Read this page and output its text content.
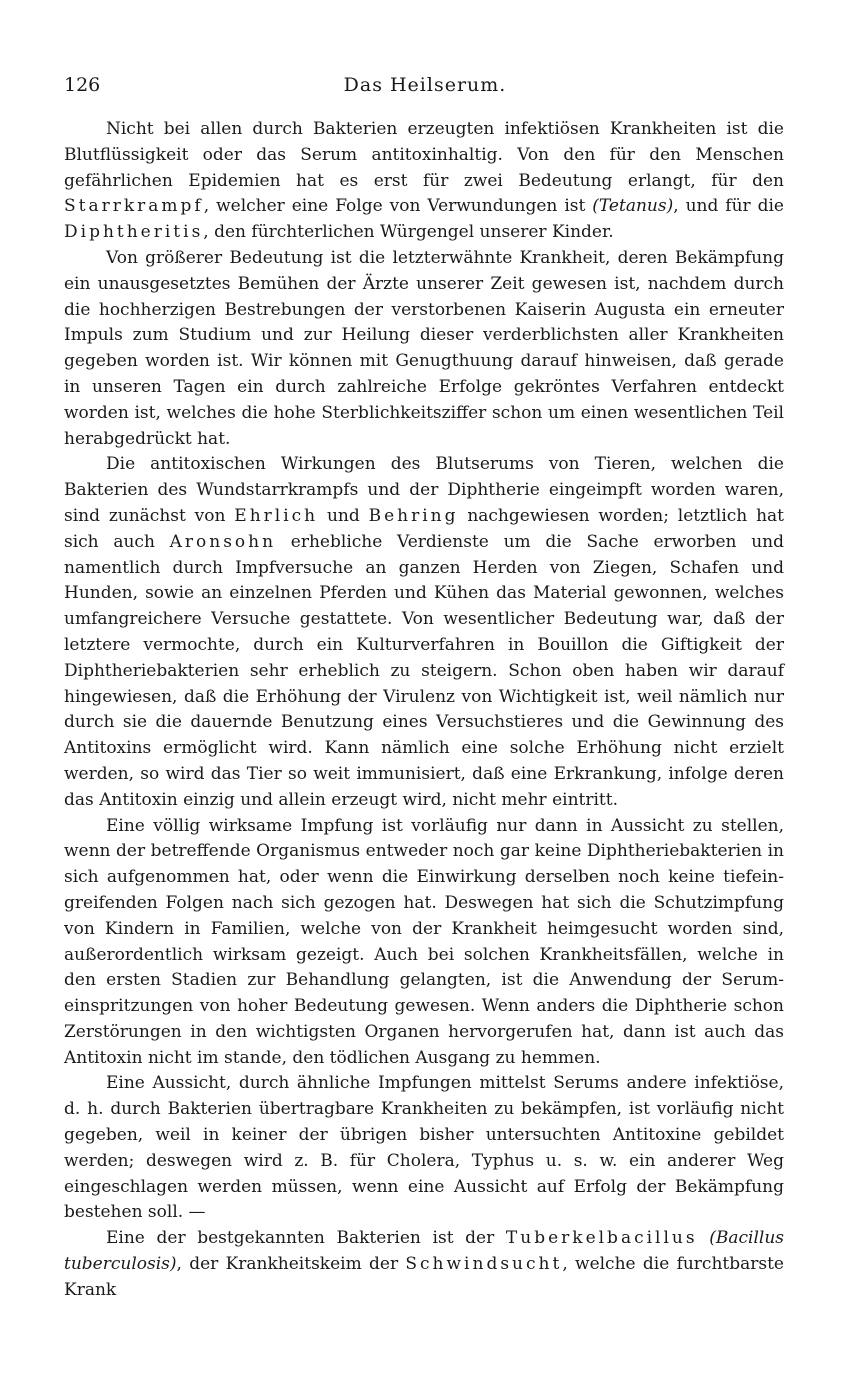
126	Das Heilserum.

Nicht bei allen durch Bakterien erzeugten infektiösen Krankheiten ist die Blutflüssigkeit oder das Serum antitoxinhaltig. Von den für den Menschen gefährlichen Epidemien hat es erst für zwei Bedeutung erlangt, für den Starrkrampf, welcher eine Folge von Verwundungen ist (Tetanus), und für die Diphtheritis, den fürchterlichen Würgengel unserer Kinder.

Von größerer Bedeutung ist die letzterwähnte Krankheit, deren Bekämpfung ein unausgesetztes Bemühen der Ärzte unserer Zeit gewesen ist, nachdem durch die hochherzigen Bestrebungen der verstorbenen Kaiserin Augusta ein erneuter Impuls zum Studium und zur Heilung dieser verderblichsten aller Krankheiten gegeben worden ist. Wir können mit Genugthuung darauf hinweisen, daß gerade in unseren Tagen ein durch zahlreiche Erfolge gekröntes Verfahren entdeckt worden ist, welches die hohe Sterblichkeitsziffer schon um einen wesentlichen Teil herabgedrückt hat.

Die antitoxischen Wirkungen des Blutserums von Tieren, welchen die Bakterien des Wundstarrkrampfs und der Diphtherie eingeimpft worden waren, sind zunächst von Ehrlich und Behring nachgewiesen worden; letztlich hat sich auch Aronsohn erhebliche Verdienste um die Sache erworben und namentlich durch Impfversuche an ganzen Herden von Ziegen, Schafen und Hunden, sowie an einzelnen Pferden und Kühen das Material gewonnen, welches umfangreichere Versuche gestattete. Von wesentlicher Bedeutung war, daß der letztere vermochte, durch ein Kulturverfahren in Bouillon die Giftigkeit der Diphtheriebakterien sehr erheblich zu steigern. Schon oben haben wir darauf hingewiesen, daß die Erhöhung der Virulenz von Wichtigkeit ist, weil nämlich nur durch sie die dauernde Benutzung eines Versuchstieres und die Gewinnung des Antitoxins ermöglicht wird. Kann nämlich eine solche Erhöhung nicht erzielt werden, so wird das Tier so weit immunisiert, daß eine Erkrankung, infolge deren das Antitoxin einzig und allein erzeugt wird, nicht mehr eintritt.

Eine völlig wirksame Impfung ist vorläufig nur dann in Aussicht zu stellen, wenn der betreffende Organismus entweder noch gar keine Diphtheriebakterien in sich aufgenommen hat, oder wenn die Einwirkung derselben noch keine tiefeingreifenden Folgen nach sich gezogen hat. Deswegen hat sich die Schutzimpfung von Kindern in Familien, welche von der Krankheit heimgesucht worden sind, außerordentlich wirksam gezeigt. Auch bei solchen Krankheitsfällen, welche in den ersten Stadien zur Behandlung gelangten, ist die Anwendung der Serumeinspritzungen von hoher Bedeutung gewesen. Wenn anders die Diphtherie schon Zerstörungen in den wichtigsten Organen hervorgerufen hat, dann ist auch das Antitoxin nicht im stande, den tödlichen Ausgang zu hemmen.

Eine Aussicht, durch ähnliche Impfungen mittelst Serums andere infektiöse, d. h. durch Bakterien übertragbare Krankheiten zu bekämpfen, ist vorläufig nicht gegeben, weil in keiner der übrigen bisher untersuchten Antitoxine gebildet werden; deswegen wird z. B. für Cholera, Typhus u. s. w. ein anderer Weg eingeschlagen werden müssen, wenn eine Aussicht auf Erfolg der Bekämpfung bestehen soll. —

Eine der bestgekannten Bakterien ist der Tuberkelbacillus (Bacillus tuberculosis), der Krankheitskeim der Schwindsucht, welche die furchtbarste Krank
